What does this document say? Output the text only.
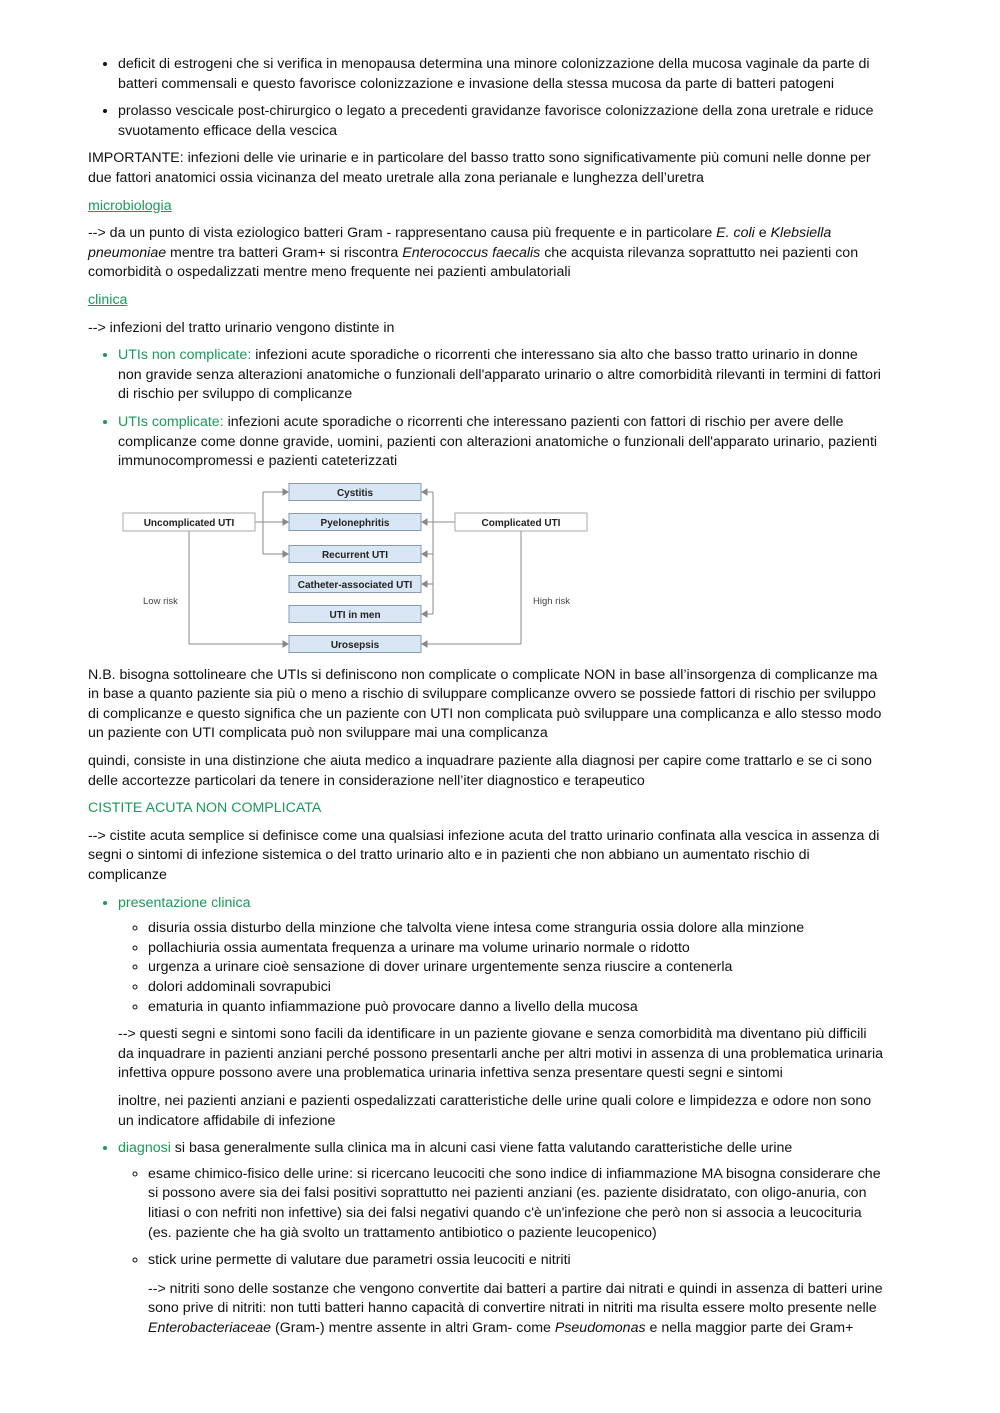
• deficit di estrogeni che si verifica in menopausa determina una minore colonizzazione della mucosa vaginale da parte di batteri commensali e questo favorisce colonizzazione e invasione della stessa mucosa da parte di batteri patogeni
• prolasso vescicale post-chirurgico o legato a precedenti gravidanze favorisce colonizzazione della zona uretrale e riduce svuotamento efficace della vescica

IMPORTANTE: infezioni delle vie urinarie e in particolare del basso tratto sono significativamente più comuni nelle donne per due fattori anatomici ossia vicinanza del meato uretrale alla zona perianale e lunghezza dell’uretra

microbiologia

--> da un punto di vista eziologico batteri Gram - rappresentano causa più frequente e in particolare E. coli e Klebsiella pneumoniae mentre tra batteri Gram+ si riscontra Enterococcus faecalis che acquista rilevanza soprattutto nei pazienti con comorbidità o ospedalizzati mentre meno frequente nei pazienti ambulatoriali

clinica

--> infezioni del tratto urinario vengono distinte in

• UTIs non complicate: infezioni acute sporadiche o ricorrenti che interessano sia alto che basso tratto urinario in donne non gravide senza alterazioni anatomiche o funzionali dell'apparato urinario o altre comorbidità rilevanti in termini di fattori di rischio per sviluppo di complicanze
• UTIs complicate: infezioni acute sporadiche o ricorrenti che interessano pazienti con fattori di rischio per avere delle complicanze come donne gravide, uomini, pazienti con alterazioni anatomiche o funzionali dell'apparato urinario, pazienti immunocompromessi e pazienti cateterizzati
Cystitis
Pyelonephritis
Recurrent UTI
Catheter-associated UTI
UTI in men
Urosepsis
Uncomplicated UTI	Complicated UTI
Low risk	High risk

N.B. bisogna sottolineare che UTIs si definiscono non complicate o complicate NON in base all’insorgenza di complicanze ma in base a quanto paziente sia più o meno a rischio di sviluppare complicanze ovvero se possiede fattori di rischio per sviluppo di complicanze e questo significa che un paziente con UTI non complicata può sviluppare una complicanza e allo stesso modo un paziente con UTI complicata può non sviluppare mai una complicanza

quindi, consiste in una distinzione che aiuta medico a inquadrare paziente alla diagnosi per capire come trattarlo e se ci sono delle accortezze particolari da tenere in considerazione nell’iter diagnostico e terapeutico

CISTITE ACUTA NON COMPLICATA

--> cistite acuta semplice si definisce come una qualsiasi infezione acuta del tratto urinario confinata alla vescica in assenza di segni o sintomi di infezione sistemica o del tratto urinario alto e in pazienti che non abbiano un aumentato rischio di complicanze

• presentazione clinica
◦ disuria ossia disturbo della minzione che talvolta viene intesa come stranguria ossia dolore alla minzione
◦ pollachiuria ossia aumentata frequenza a urinare ma volume urinario normale o ridotto
◦ urgenza a urinare cioè sensazione di dover urinare urgentemente senza riuscire a contenerla
◦ dolori addominali sovrapubici
◦ ematuria in quanto infiammazione può provocare danno a livello della mucosa

--> questi segni e sintomi sono facili da identificare in un paziente giovane e senza comorbidità ma diventano più difficili da inquadrare in pazienti anziani perché possono presentarli anche per altri motivi in assenza di una problematica urinaria infettiva oppure possono avere una problematica urinaria infettiva senza presentare questi segni e sintomi

inoltre, nei pazienti anziani e pazienti ospedalizzati caratteristiche delle urine quali colore e limpidezza e odore non sono un indicatore affidabile di infezione

• diagnosi si basa generalmente sulla clinica ma in alcuni casi viene fatta valutando caratteristiche delle urine
◦ esame chimico-fisico delle urine: si ricercano leucociti che sono indice di infiammazione MA bisogna considerare che si possono avere sia dei falsi positivi soprattutto nei pazienti anziani (es. paziente disidratato, con oligo-anuria, con litiasi o con nefriti non infettive) sia dei falsi negativi quando c'è un'infezione che però non si associa a leucocituria (es. paziente che ha già svolto un trattamento antibiotico o paziente leucopenico)
◦ stick urine permette di valutare due parametri ossia leucociti e nitriti

--> nitriti sono delle sostanze che vengono convertite dai batteri a partire dai nitrati e quindi in assenza di batteri urine sono prive di nitriti: non tutti batteri hanno capacità di convertire nitrati in nitriti ma risulta essere molto presente nelle Enterobacteriaceae (Gram-) mentre assente in altri Gram- come Pseudomonas e nella maggior parte dei Gram+
